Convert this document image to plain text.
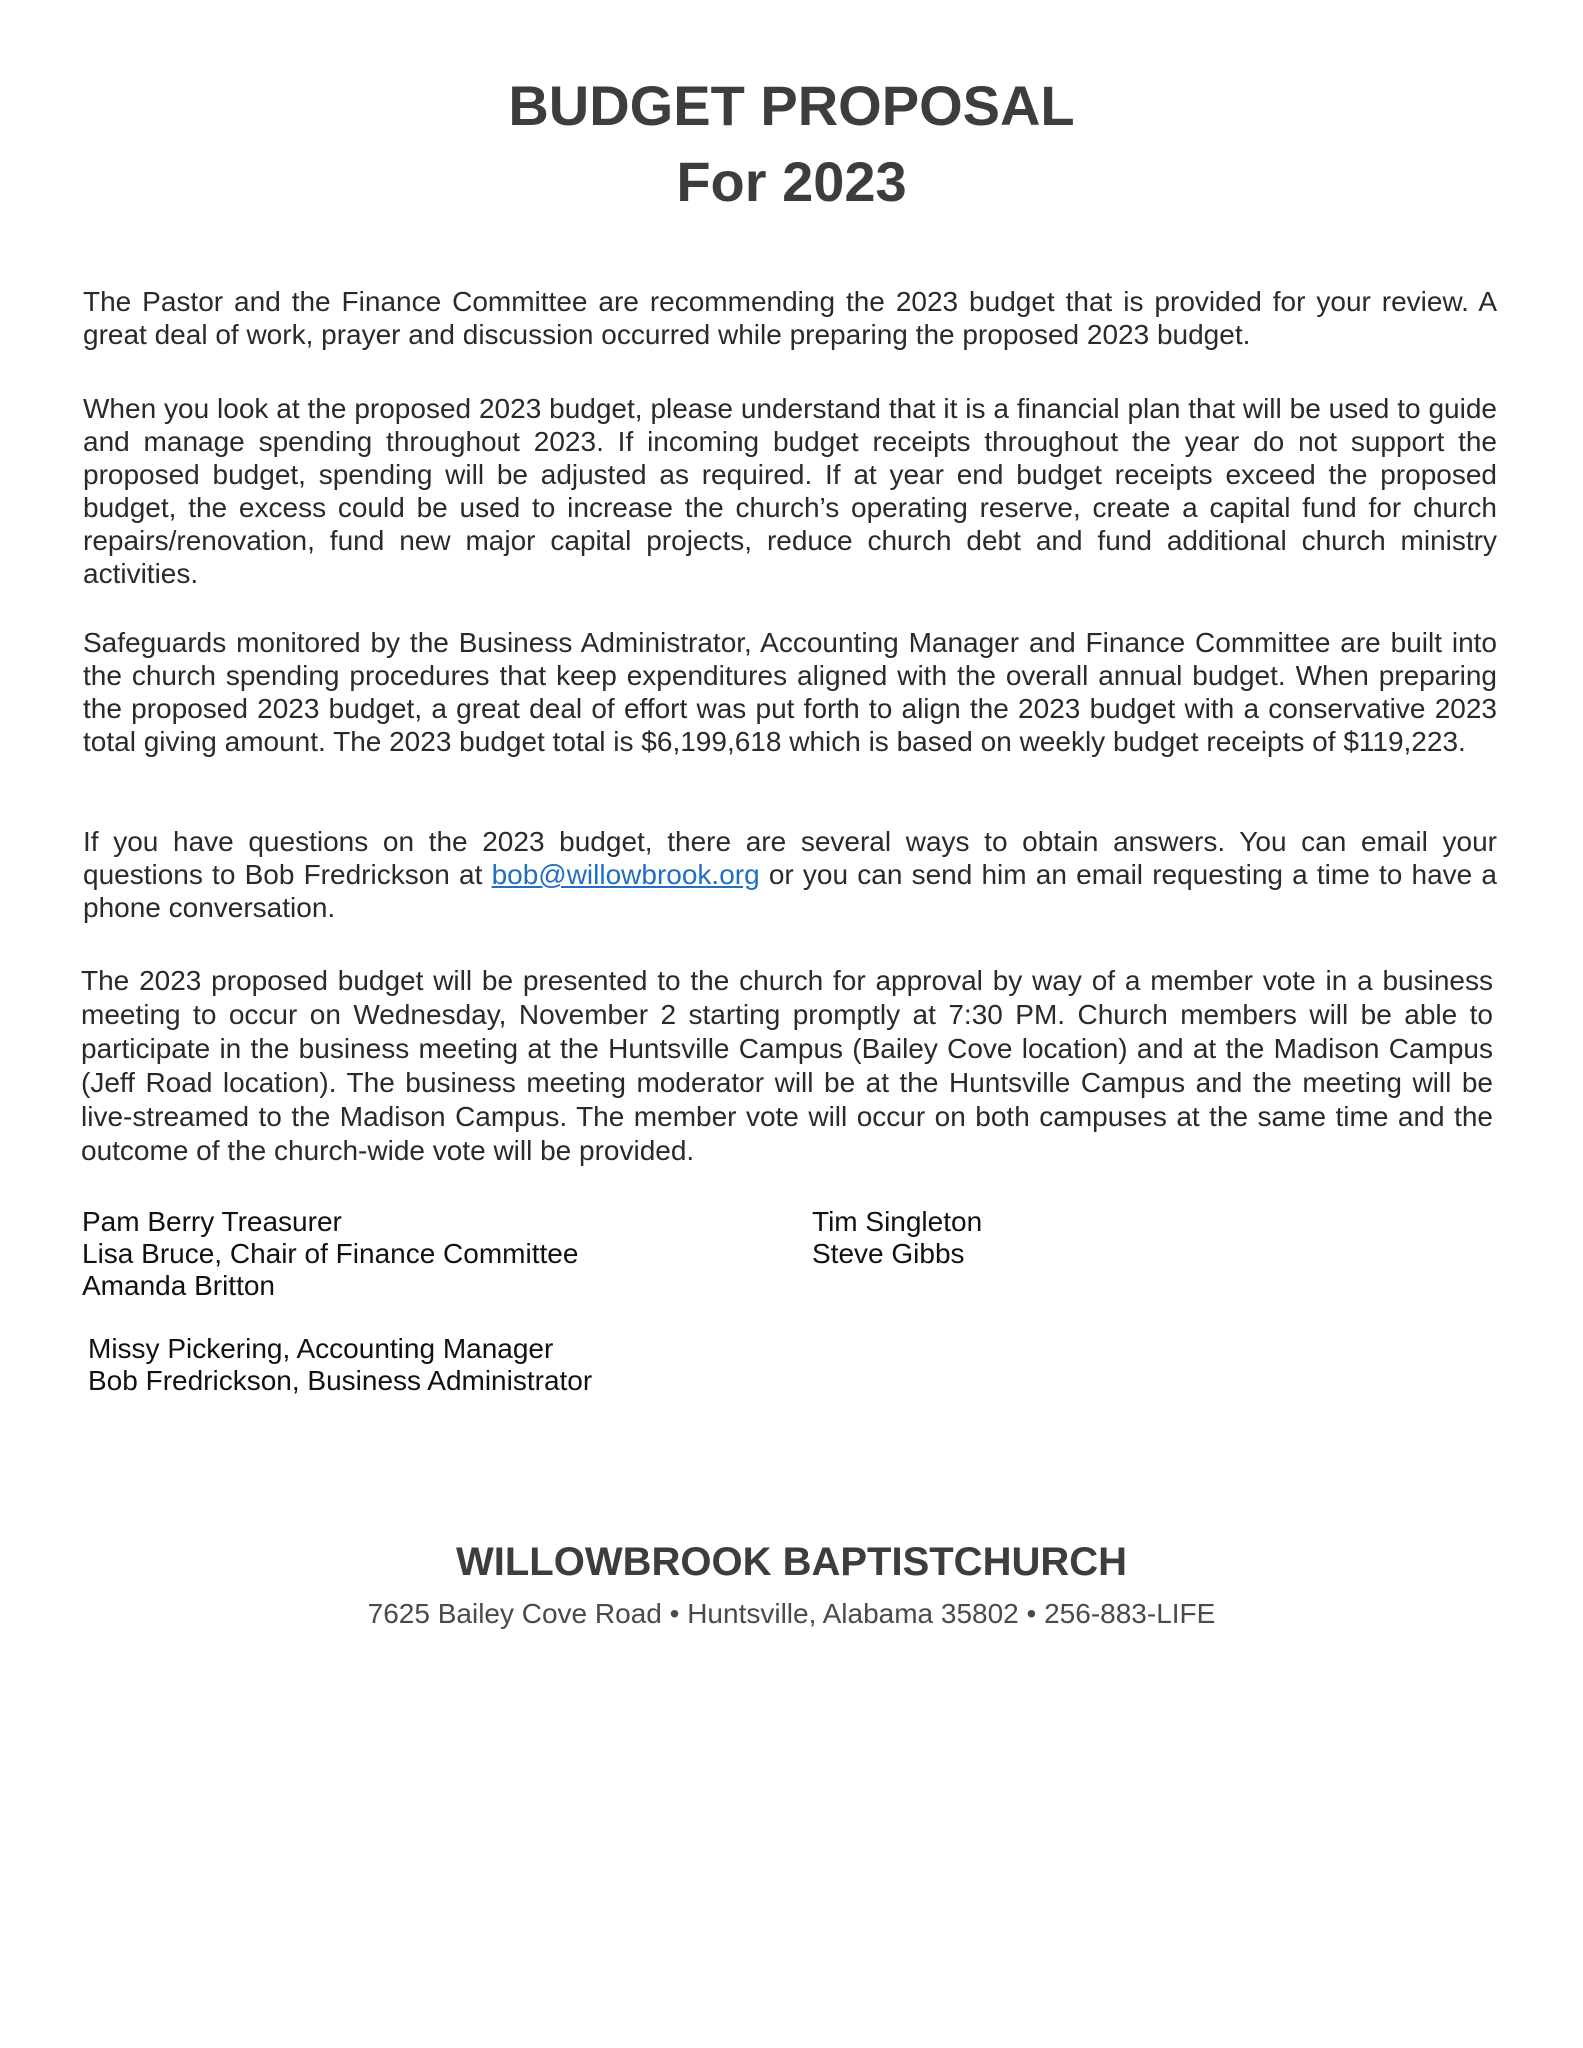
BUDGET PROPOSAL
For 2023

The Pastor and the Finance Committee are recommending the 2023 budget that is provided for your review. A great deal of work, prayer and discussion occurred while preparing the proposed 2023 budget.

When you look at the proposed 2023 budget, please understand that it is a financial plan that will be used to guide and manage spending throughout 2023. If incoming budget receipts throughout the year do not support the proposed budget, spending will be adjusted as required. If at year end budget receipts exceed the proposed budget, the excess could be used to increase the church’s operating reserve, create a capital fund for church repairs/renovation, fund new major capital projects, reduce church debt and fund additional church ministry activities.

Safeguards monitored by the Business Administrator, Accounting Manager and Finance Committee are built into the church spending procedures that keep expenditures aligned with the overall annual budget. When preparing the proposed 2023 budget, a great deal of effort was put forth to align the 2023 budget with a conservative 2023 total giving amount. The 2023 budget total is $6,199,618 which is based on weekly budget receipts of $119,223.

If you have questions on the 2023 budget, there are several ways to obtain answers. You can email your questions to Bob Fredrickson at bob@willowbrook.org or you can send him an email requesting a time to have a phone conversation.

The 2023 proposed budget will be presented to the church for approval by way of a member vote in a business meeting to occur on Wednesday, November 2 starting promptly at 7:30 PM. Church members will be able to participate in the business meeting at the Huntsville Campus (Bailey Cove location) and at the Madison Campus (Jeff Road location). The business meeting moderator will be at the Huntsville Campus and the meeting will be live-streamed to the Madison Campus. The member vote will occur on both campuses at the same time and the outcome of the church-wide vote will be provided.

Pam Berry Treasurer
Lisa Bruce, Chair of Finance Committee
Amanda Britton
Tim Singleton
Steve Gibbs
Missy Pickering, Accounting Manager
Bob Fredrickson, Business Administrator
WILLOWBROOK BAPTISTCHURCH
7625 Bailey Cove Road • Huntsville, Alabama 35802 • 256-883-LIFE
